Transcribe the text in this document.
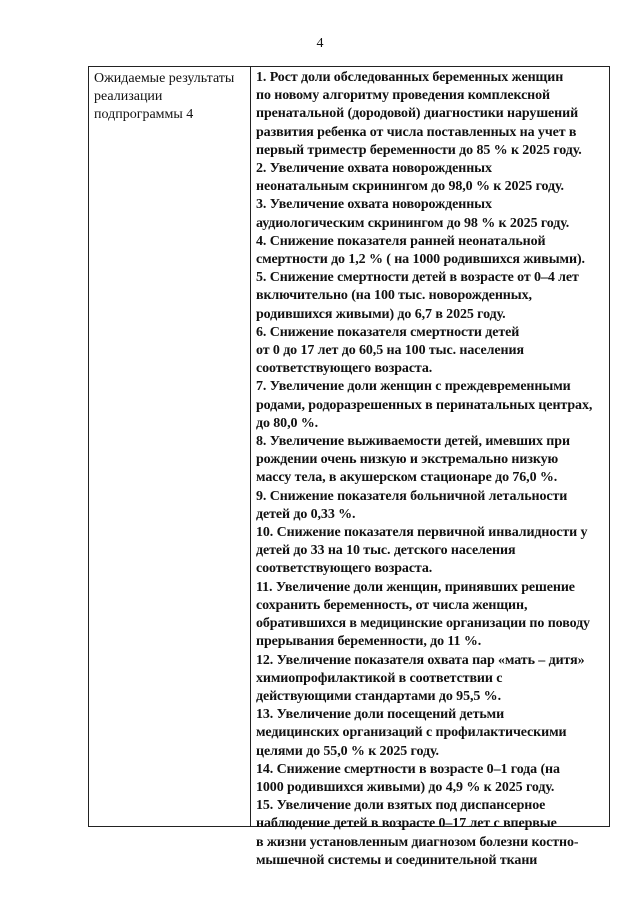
4
Ожидаемые результаты
реализации
подпрограммы 4
1. Рост доли обследованных беременных женщин
по новому алгоритму проведения комплексной
пренатальной (дородовой) диагностики нарушений
развития ребенка от числа поставленных на учет в
первый триместр беременности до 85 % к 2025 году.
2. Увеличение охвата новорожденных
неонатальным скринингом до 98,0 % к 2025 году.
3. Увеличение охвата новорожденных
аудиологическим скринингом до 98 % к 2025 году.
4. Снижение показателя ранней неонатальной
смертности до 1,2 % ( на 1000 родившихся живыми).
5. Снижение смертности детей в возрасте от 0–4 лет
включительно (на 100 тыс. новорожденных,
родившихся живыми) до 6,7 в 2025 году.
6. Снижение показателя смертности детей
от 0 до 17 лет до 60,5 на 100 тыс. населения
соответствующего возраста.
7. Увеличение доли женщин с преждевременными
родами, родоразрешенных в перинатальных центрах,
до 80,0 %.
8. Увеличение выживаемости детей, имевших при
рождении очень низкую и экстремально низкую
массу тела, в акушерском стационаре до 76,0 %.
9. Снижение показателя больничной летальности
детей до 0,33 %.
10. Снижение показателя первичной инвалидности у
детей до 33 на 10 тыс. детского населения
соответствующего возраста.
11. Увеличение доли женщин, принявших решение
сохранить беременность, от числа женщин,
обратившихся в медицинские организации по поводу
прерывания беременности, до 11 %.
12. Увеличение показателя охвата пар «мать – дитя»
химиопрофилактикой в соответствии с
действующими стандартами до 95,5 %.
13. Увеличение доли посещений детьми
медицинских организаций с профилактическими
целями до 55,0 % к 2025 году.
14. Снижение смертности в возрасте 0–1 года (на
1000 родившихся живыми) до 4,9 % к 2025 году.
15. Увеличение доли взятых под диспансерное
наблюдение детей в возрасте 0–17 лет с впервые
в жизни установленным диагнозом болезни костно-
мышечной системы и соединительной ткани
